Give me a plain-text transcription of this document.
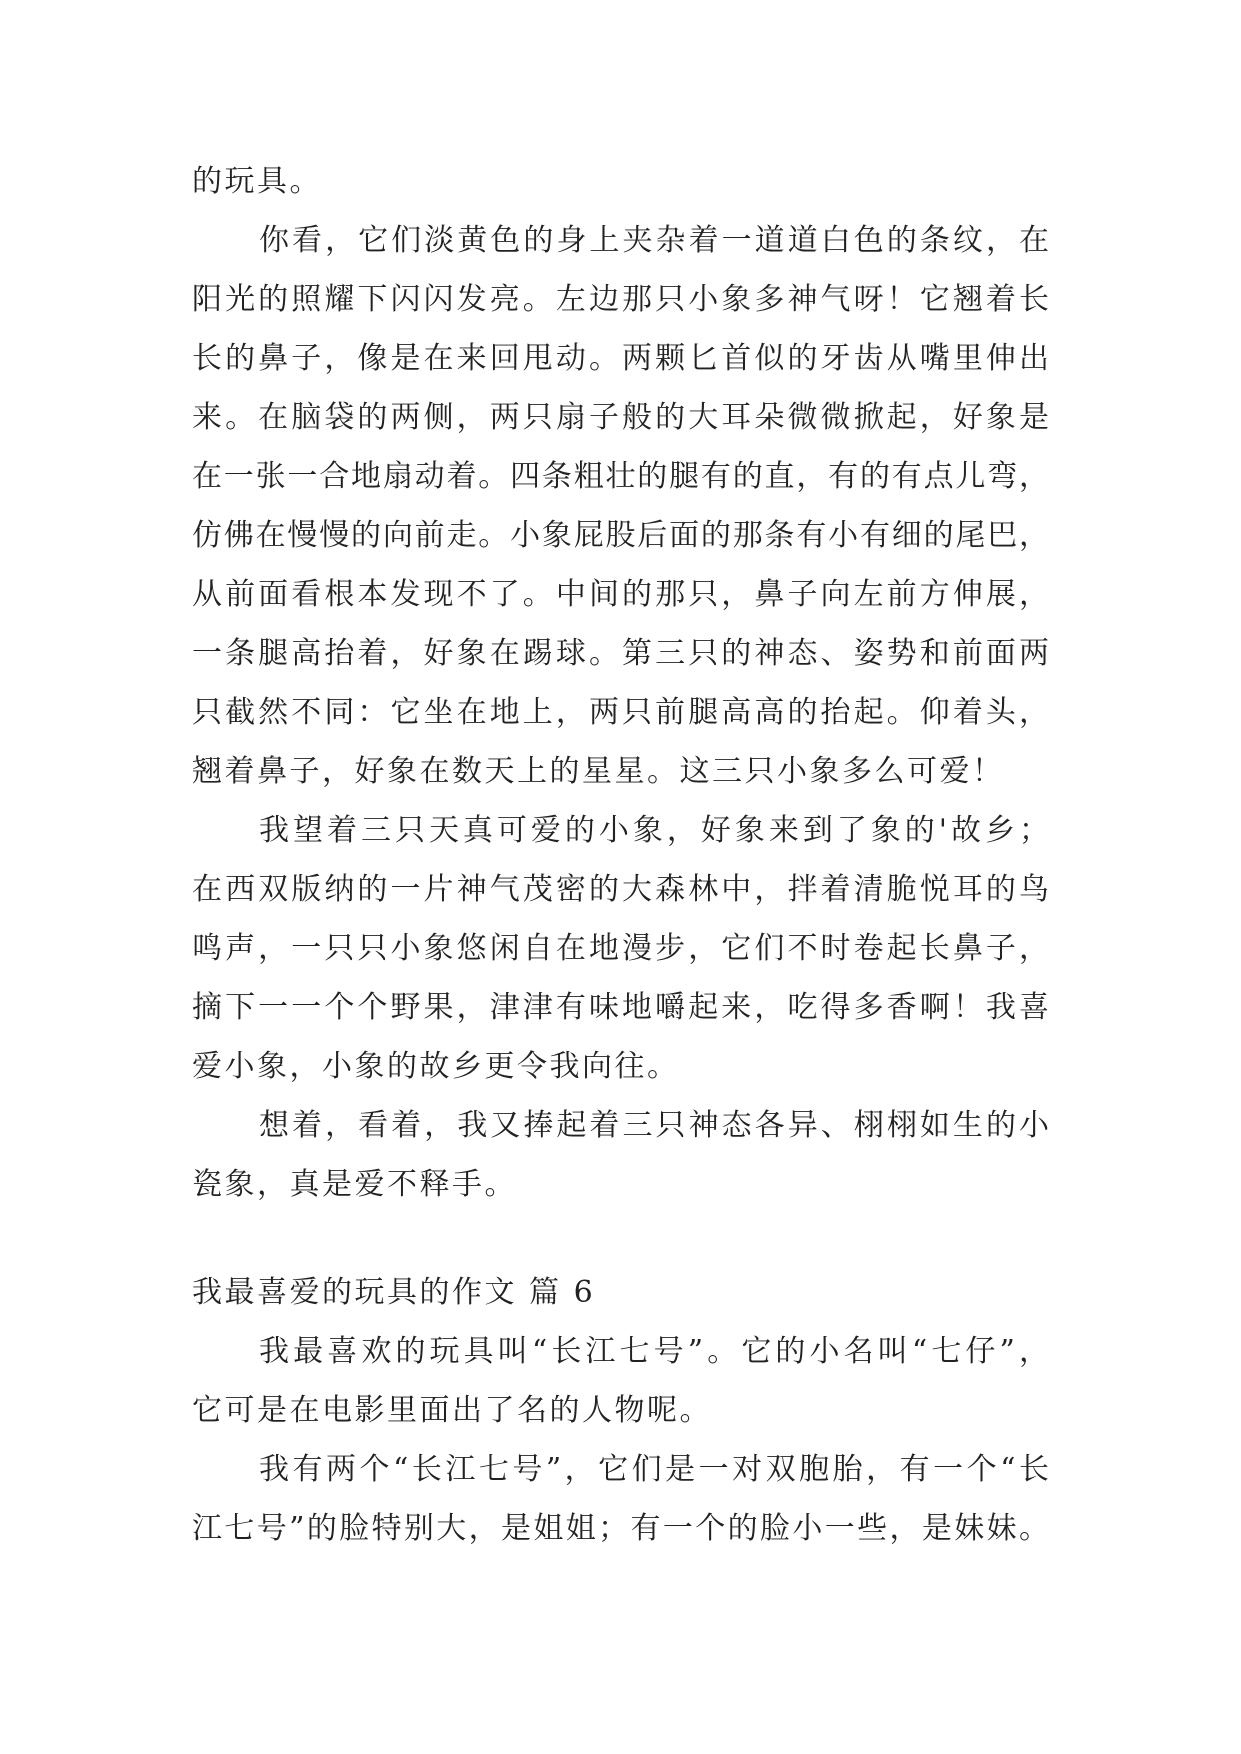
的玩具。
你看，它们淡黄色的身上夹杂着一道道白色的条纹，在
阳光的照耀下闪闪发亮。左边那只小象多神气呀！它翘着长
长的鼻子，像是在来回甩动。两颗匕首似的牙齿从嘴里伸出
来。在脑袋的两侧，两只扇子般的大耳朵微微掀起，好象是
在一张一合地扇动着。四条粗壮的腿有的直，有的有点儿弯，
仿佛在慢慢的向前走。小象屁股后面的那条有小有细的尾巴，
从前面看根本发现不了。中间的那只，鼻子向左前方伸展，
一条腿高抬着，好象在踢球。第三只的神态、姿势和前面两
只截然不同：它坐在地上，两只前腿高高的抬起。仰着头，
翘着鼻子，好象在数天上的星星。这三只小象多么可爱！
我望着三只天真可爱的小象，好象来到了象的'故乡；
在西双版纳的一片神气茂密的大森林中，拌着清脆悦耳的鸟
鸣声，一只只小象悠闲自在地漫步，它们不时卷起长鼻子，
摘下一一个个野果，津津有味地嚼起来，吃得多香啊！我喜
爱小象，小象的故乡更令我向往。
想着，看着，我又捧起着三只神态各异、栩栩如生的小
瓷象，真是爱不释手。
我最喜爱的玩具的作文 篇 6
我最喜欢的玩具叫“长江七号”。它的小名叫“七仔”，
它可是在电影里面出了名的人物呢。
我有两个“长江七号”，它们是一对双胞胎，有一个“长
江七号”的脸特别大，是姐姐；有一个的脸小一些，是妹妹。
